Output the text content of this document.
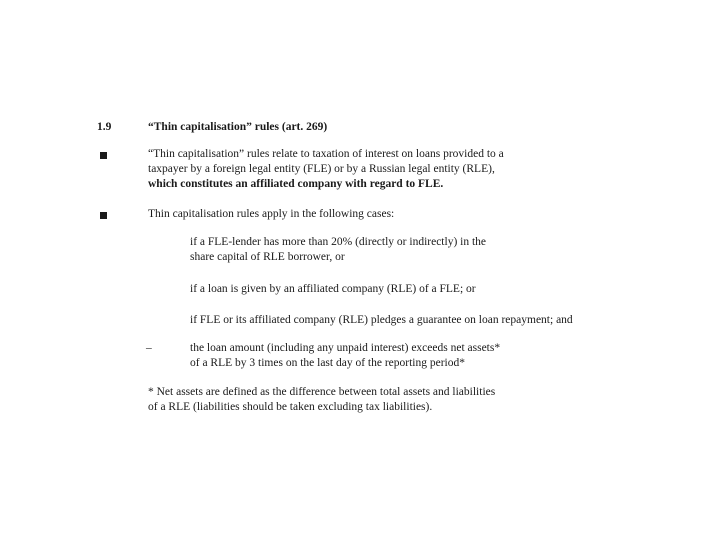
1.9	“Thin capitalisation” rules (art. 269)
“Thin capitalisation” rules relate to taxation of interest on loans provided to a
taxpayer by a foreign legal entity (FLE) or by a Russian legal entity (RLE),
which constitutes an affiliated company with regard to FLE.
Thin capitalisation rules apply in the following cases:
if a FLE-lender has more than 20% (directly or indirectly) in the
share capital of RLE borrower, or
if a loan is given by an affiliated company (RLE) of a FLE; or
if FLE or its affiliated company (RLE) pledges a guarantee on loan repayment; and
–	the loan amount (including any unpaid interest) exceeds net assets*
of a RLE by 3 times on the last day of the reporting period*
* Net assets are defined as the difference between total assets and liabilities
of a RLE (liabilities should be taken excluding tax liabilities).
